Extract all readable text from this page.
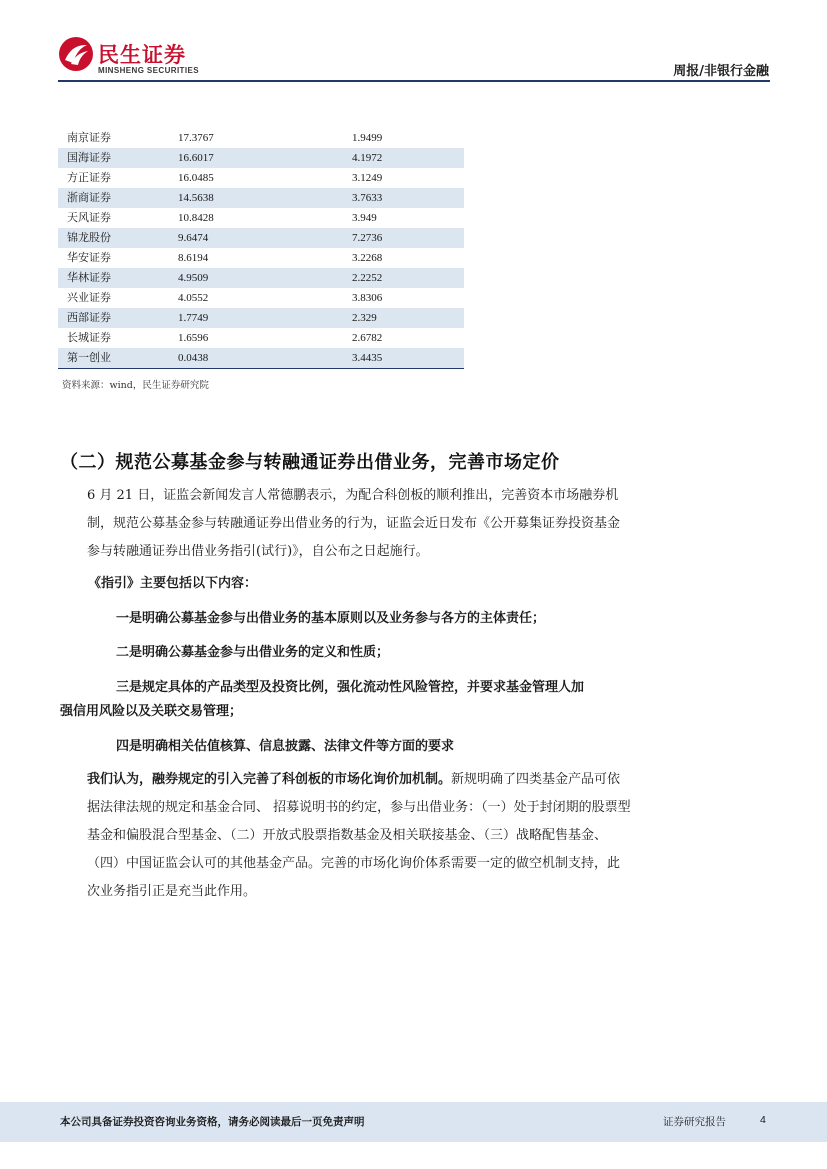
民生证券
MINSHENG SECURITIES	周报/非银行金融
南京证券	17.3767	1.9499
国海证券	16.6017	4.1972
方正证券	16.0485	3.1249
浙商证券	14.5638	3.7633
天风证券	10.8428	3.949
锦龙股份	9.6474	7.2736
华安证券	8.6194	3.2268
华林证券	4.9509	2.2252
兴业证券	4.0552	3.8306
西部证券	1.7749	2.329
长城证券	1.6596	2.6782
第一创业	0.0438	3.4435
资料来源：wind，民生证券研究院
（二）规范公募基金参与转融通证券出借业务，完善市场定价
6 月 21 日，证监会新闻发言人常德鹏表示，为配合科创板的顺利推出，完善资本市场融券机制，规范公募基金参与转融通证券出借业务的行为，证监会近日发布《公开募集证券投资基金参与转融通证券出借业务指引(试行)》，自公布之日起施行。
《指引》主要包括以下内容：
一是明确公募基金参与出借业务的基本原则以及业务参与各方的主体责任；
二是明确公募基金参与出借业务的定义和性质；
三是规定具体的产品类型及投资比例，强化流动性风险管控，并要求基金管理人加
强信用风险以及关联交易管理；
四是明确相关估值核算、信息披露、法律文件等方面的要求
我们认为，融券规定的引入完善了科创板的市场化询价加机制。新规明确了四类基金产品可依据法律法规的规定和基金合同、 招募说明书的约定，参与出借业务：（一）处于封闭期的股票型基金和偏股混合型基金、（二）开放式股票指数基金及相关联接基金、（三）战略配售基金、（四）中国证监会认可的其他基金产品。完善的市场化询价体系需要一定的做空机制支持，此次业务指引正是充当此作用。
本公司具备证券投资咨询业务资格，请务必阅读最后一页免责声明	证券研究报告	4
